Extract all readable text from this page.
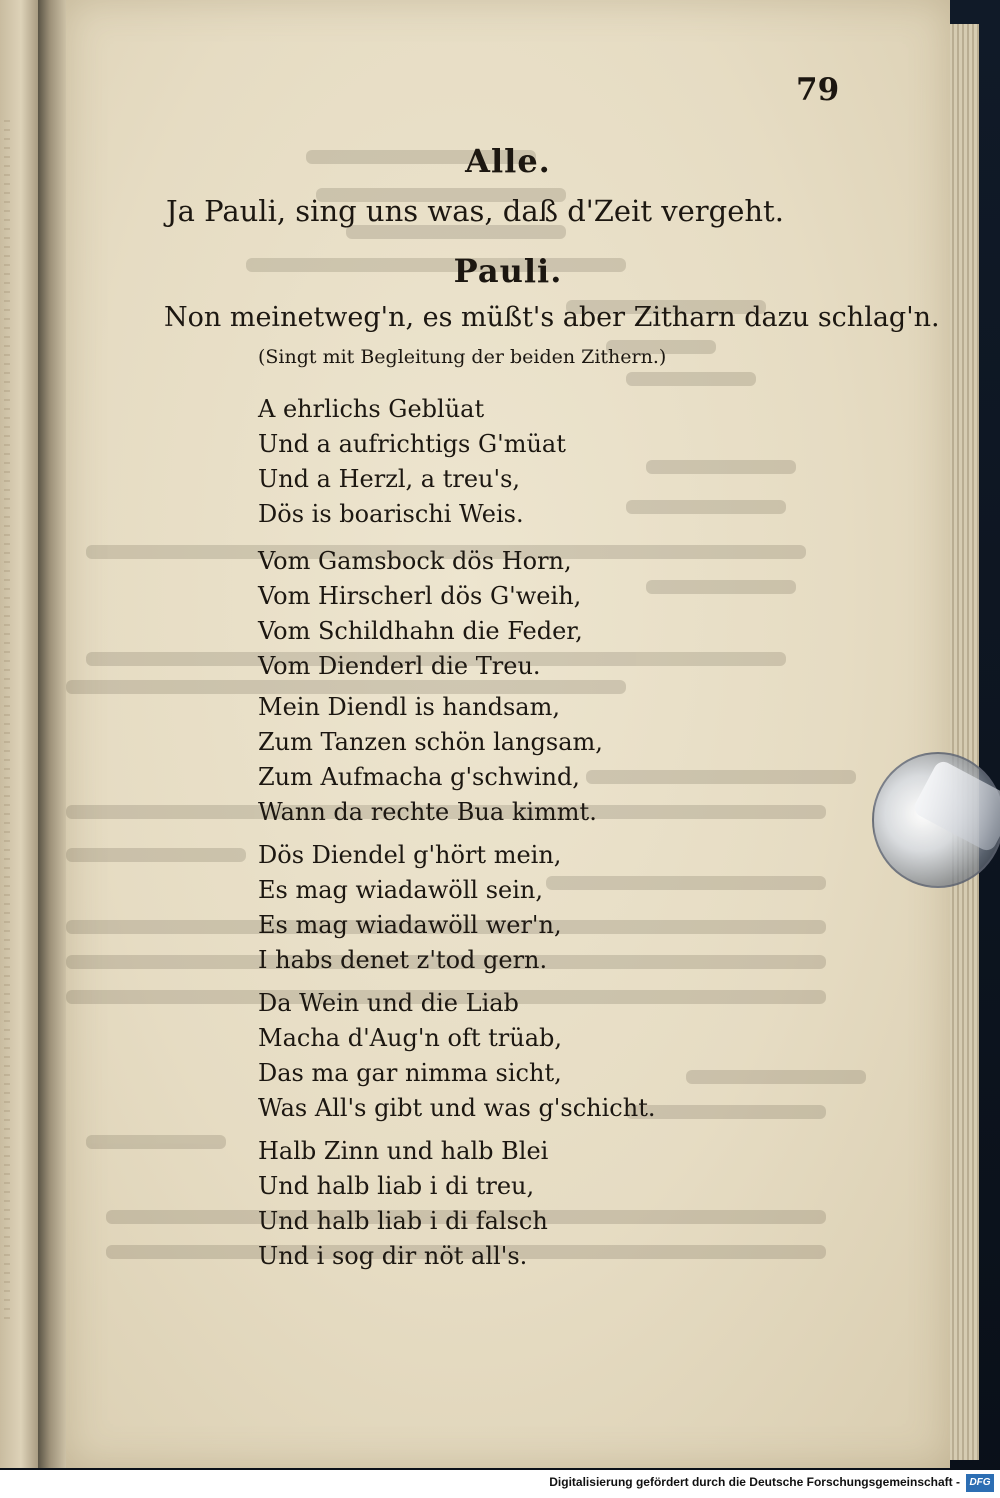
79
Alle.
Ja Pauli, sing uns was, daß d'Zeit vergeht.
Pauli.
Non meinetweg'n, es müßt's aber Zitharn dazu schlag'n.
(Singt mit Begleitung der beiden Zithern.)
A ehrlichs Geblüat
Und a aufrichtigs G'müat
Und a Herzl, a treu's,
Dös is boarischi Weis.
Vom Gamsbock dös Horn,
Vom Hirscherl dös G'weih,
Vom Schildhahn die Feder,
Vom Dienderl die Treu.
Mein Diendl is handsam,
Zum Tanzen schön langsam,
Zum Aufmacha g'schwind,
Wann da rechte Bua kimmt.
Dös Diendel g'hört mein,
Es mag wiadawöll sein,
Es mag wiadawöll wer'n,
I habs denet z'tod gern.
Da Wein und die Liab
Macha d'Aug'n oft trüab,
Das ma gar nimma sicht,
Was All's gibt und was g'schicht.
Halb Zinn und halb Blei
Und halb liab i di treu,
Und halb liab i di falsch
Und i sog dir nöt all's.
Digitalisierung gefördert durch die Deutsche Forschungsgemeinschaft - DFG
